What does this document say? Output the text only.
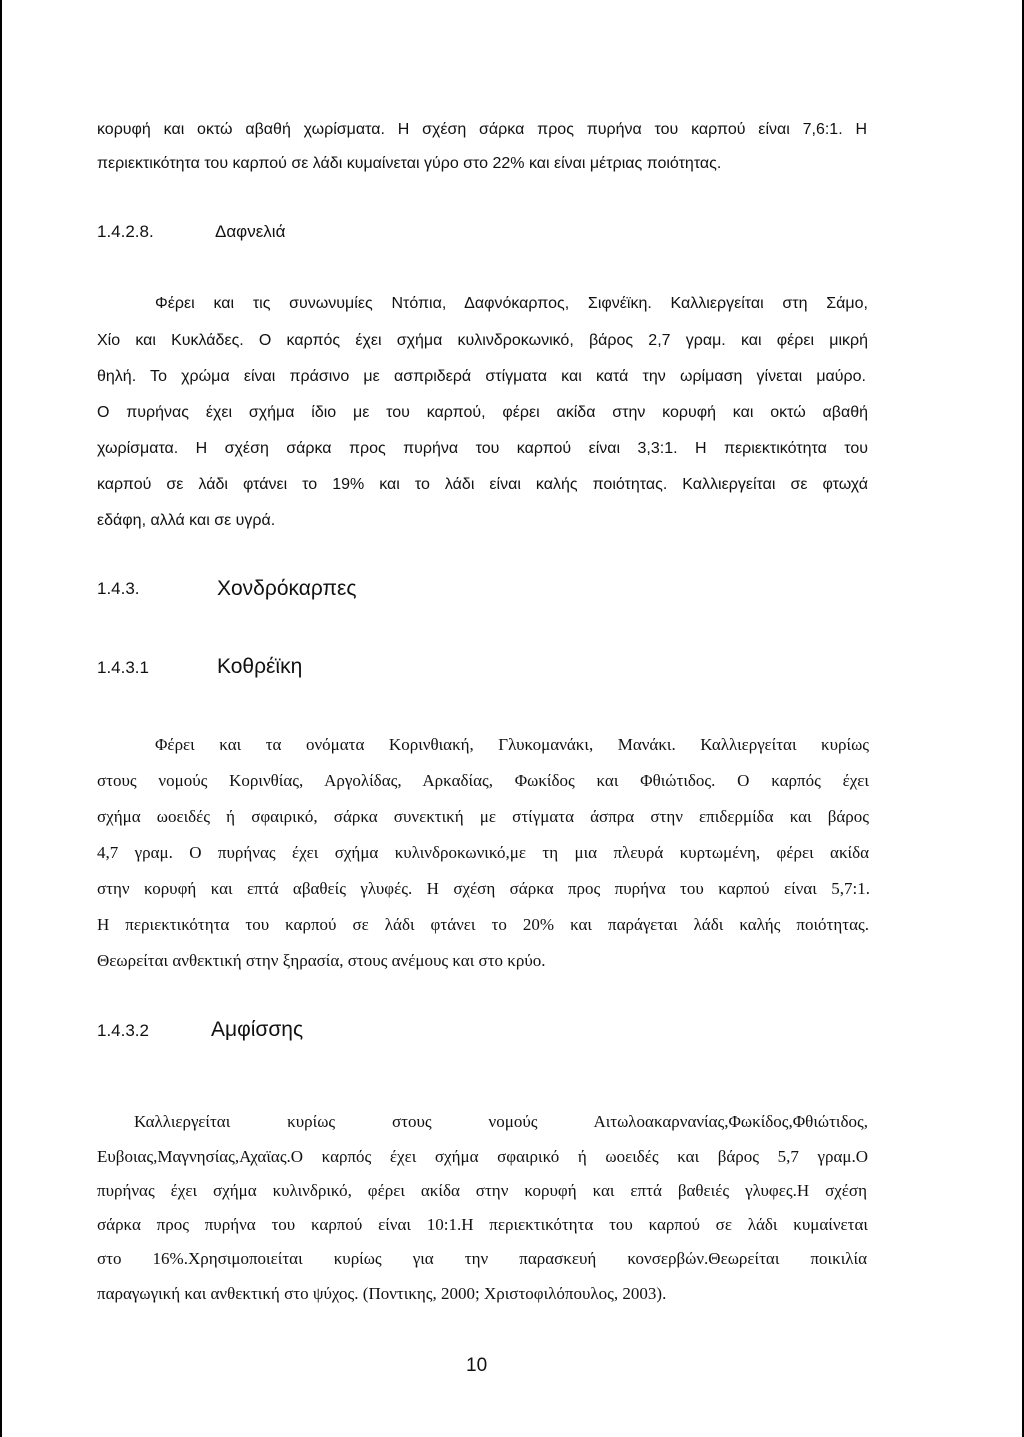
κορυφή και οκτώ αβαθή χωρίσματα. Η σχέση σάρκα προς πυρήνα του καρπού είναι 7,6:1. Η
περιεκτικότητα του καρπού σε λάδι κυμαίνεται γύρο στο 22% και είναι μέτριας ποιότητας.
1.4.2.8.	Δαφνελιά
Φέρει και τις συνωνυμίες Ντόπια, Δαφνόκαρπος, Σιφνέϊκη. Καλλιεργείται στη Σάμο,
Χίο και Κυκλάδες. Ο καρπός έχει σχήμα κυλινδροκωνικό, βάρος 2,7 γραμ. και φέρει μικρή
θηλή. Το χρώμα είναι πράσινο με ασπριδερά στίγματα και κατά την ωρίμαση γίνεται μαύρο.
Ο πυρήνας έχει σχήμα ίδιο με του καρπού, φέρει ακίδα στην κορυφή και οκτώ αβαθή
χωρίσματα. Η σχέση σάρκα προς πυρήνα του καρπού είναι 3,3:1. Η περιεκτικότητα του
καρπού σε λάδι φτάνει το 19% και το λάδι είναι καλής ποιότητας. Καλλιεργείται σε φτωχά
εδάφη, αλλά και σε υγρά.
1.4.3.	Χονδρόκαρπες
1.4.3.1	Κοθρέϊκη
Φέρει και τα ονόματα Κορινθιακή, Γλυκομανάκι, Μανάκι. Καλλιεργείται κυρίως
στους νομούς Κορινθίας, Αργολίδας, Αρκαδίας, Φωκίδος και Φθιώτιδος. Ο καρπός έχει
σχήμα ωοειδές ή σφαιρικό, σάρκα συνεκτική με στίγματα άσπρα στην επιδερμίδα και βάρος
4,7 γραμ. Ο πυρήνας έχει σχήμα κυλινδροκωνικό,με τη μια πλευρά κυρτωμένη, φέρει ακίδα
στην κορυφή και επτά αβαθείς γλυφές. Η σχέση σάρκα προς πυρήνα του καρπού είναι 5,7:1.
Η περιεκτικότητα του καρπού σε λάδι φτάνει το 20% και παράγεται λάδι καλής ποιότητας.
Θεωρείται ανθεκτική στην ξηρασία, στους ανέμους και στο κρύο.
1.4.3.2	Αμφίσσης
Καλλιεργείται κυρίως στους νομούς Αιτωλοακαρνανίας,Φωκίδος,Φθιώτιδος,
Ευβοιας,Μαγνησίας,Αχαϊας.Ο καρπός έχει σχήμα σφαιρικό ή ωοειδές και βάρος 5,7 γραμ.Ο
πυρήνας έχει σχήμα κυλινδρικό, φέρει ακίδα στην κορυφή και επτά βαθειές γλυφες.Η σχέση
σάρκα προς πυρήνα του καρπού είναι 10:1.Η περιεκτικότητα του καρπού σε λάδι κυμαίνεται
στο 16%.Χρησιμοποιείται κυρίως για την παρασκευή κονσερβών.Θεωρείται ποικιλία
παραγωγική και ανθεκτική στο ψύχος. (Ποντικης, 2000; Χριστοφιλόπουλος, 2003).
10
